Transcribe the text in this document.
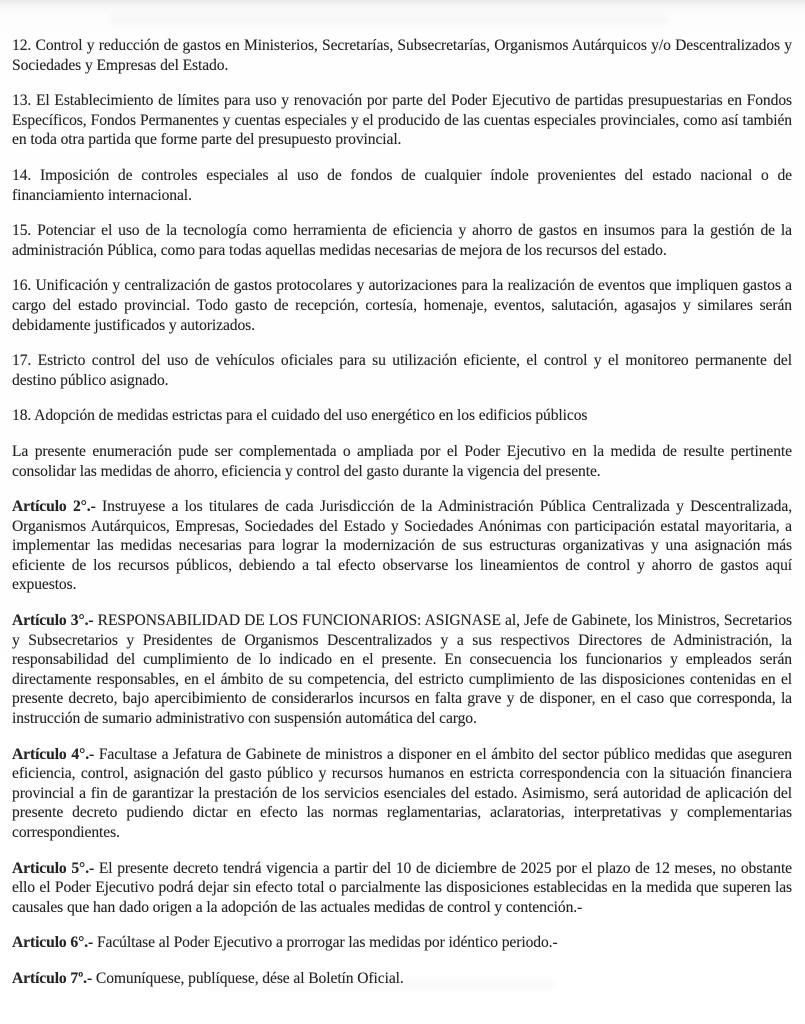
12. Control y reducción de gastos en Ministerios, Secretarías, Subsecretarías, Organismos Autárquicos y/o Descentralizados y Sociedades y Empresas del Estado.

13. El Establecimiento de límites para uso y renovación por parte del Poder Ejecutivo de partidas presupuestarias en Fondos Específicos, Fondos Permanentes y cuentas especiales y el producido de las cuentas especiales provinciales, como así también en toda otra partida que forme parte del presupuesto provincial.

14. Imposición de controles especiales al uso de fondos de cualquier índole provenientes del estado nacional o de financiamiento internacional.

15. Potenciar el uso de la tecnología como herramienta de eficiencia y ahorro de gastos en insumos para la gestión de la administración Pública, como para todas aquellas medidas necesarias de mejora de los recursos del estado.

16. Unificación y centralización de gastos protocolares y autorizaciones para la realización de eventos que impliquen gastos a cargo del estado provincial. Todo gasto de recepción, cortesía, homenaje, eventos, salutación, agasajos y similares serán debidamente justificados y autorizados.

17. Estricto control del uso de vehículos oficiales para su utilización eficiente, el control y el monitoreo permanente del destino público asignado.

18. Adopción de medidas estrictas para el cuidado del uso energético en los edificios públicos

La presente enumeración pude ser complementada o ampliada por el Poder Ejecutivo en la medida de resulte pertinente consolidar las medidas de ahorro, eficiencia y control del gasto durante la vigencia del presente.

Artículo 2°.- Instruyese a los titulares de cada Jurisdicción de la Administración Pública Centralizada y Descentralizada, Organismos Autárquicos, Empresas, Sociedades del Estado y Sociedades Anónimas con participación estatal mayoritaria, a implementar las medidas necesarias para lograr la modernización de sus estructuras organizativas y una asignación más eficiente de los recursos públicos, debiendo a tal efecto observarse los lineamientos de control y ahorro de gastos aquí expuestos.

Artículo 3°.- RESPONSABILIDAD DE LOS FUNCIONARIOS: ASIGNASE al, Jefe de Gabinete, los Ministros, Secretarios y Subsecretarios y Presidentes de Organismos Descentralizados y a sus respectivos Directores de Administración, la responsabilidad del cumplimiento de lo indicado en el presente. En consecuencia los funcionarios y empleados serán directamente responsables, en el ámbito de su competencia, del estricto cumplimiento de las disposiciones contenidas en el presente decreto, bajo apercibimiento de considerarlos incursos en falta grave y de disponer, en el caso que corresponda, la instrucción de sumario administrativo con suspensión automática del cargo.

Artículo 4°.- Facultase a Jefatura de Gabinete de ministros a disponer en el ámbito del sector público medidas que aseguren eficiencia, control, asignación del gasto público y recursos humanos en estricta correspondencia con la situación financiera provincial a fin de garantizar la prestación de los servicios esenciales del estado. Asimismo, será autoridad de aplicación del presente decreto pudiendo dictar en efecto las normas reglamentarias, aclaratorias, interpretativas y complementarias correspondientes.

Articulo 5°.- El presente decreto tendrá vigencia a partir del 10 de diciembre de 2025 por el plazo de 12 meses, no obstante ello el Poder Ejecutivo podrá dejar sin efecto total o parcialmente las disposiciones establecidas en la medida que superen las causales que han dado origen a la adopción de las actuales medidas de control y contención.-

Articulo 6°.- Facúltase al Poder Ejecutivo a prorrogar las medidas por idéntico periodo.-

Artículo 7º.- Comuníquese, publíquese, dése al Boletín Oficial.
